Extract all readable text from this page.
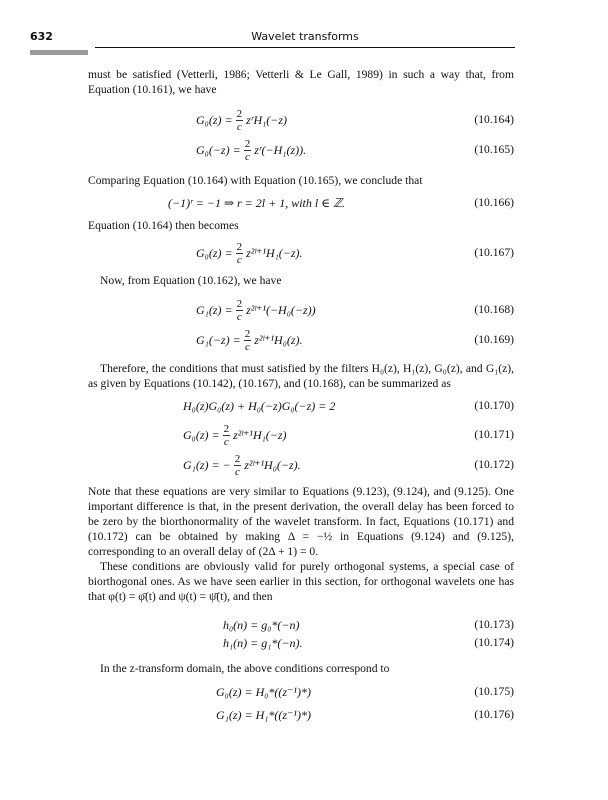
632	Wavelet transforms
must be satisfied (Vetterli, 1986; Vetterli & Le Gall, 1989) in such a way that, from Equation (10.161), we have
Comparing Equation (10.164) with Equation (10.165), we conclude that
Equation (10.164) then becomes
Now, from Equation (10.162), we have
Therefore, the conditions that must satisfied by the filters H₀(z), H₁(z), G₀(z), and G₁(z), as given by Equations (10.142), (10.167), and (10.168), can be summarized as
Note that these equations are very similar to Equations (9.123), (9.124), and (9.125). One important difference is that, in the present derivation, the overall delay has been forced to be zero by the biorthonormality of the wavelet transform. In fact, Equations (10.171) and (10.172) can be obtained by making Δ = −½ in Equations (9.124) and (9.125), corresponding to an overall delay of (2Δ + 1) = 0.
These conditions are obviously valid for purely orthogonal systems, a special case of biorthogonal ones. As we have seen earlier in this section, for orthogonal wavelets one has that φ(t) = φ̄(t) and ψ(t) = ψ̄(t), and then
In the z-transform domain, the above conditions correspond to
$G_0(z) = \frac{2}{c}$ zʳH₁(−z)	(10.164)
$G_0(-z) = \frac{2}{c}$ zʳ(−H₁(z)).	(10.165)
(−1)ʳ = −1 ⇒ r = 2l + 1, with l ∈ ℤ.	(10.166)
$G_0(z) = \frac{2}{c}$ z²ˡ⁺¹H₁(−z).	(10.167)
$G_1(z) = \frac{2}{c}$ z²ˡ⁺¹(−H₀(−z))	(10.168)
$G_1(-z) = \frac{2}{c}$ z²ˡ⁺¹H₀(z).	(10.169)
H₀(z)G₀(z) + H₀(−z)G₀(−z) = 2	(10.170)
$G_0(z) = \frac{2}{c}$ z²ˡ⁺¹H₁(−z)	(10.171)
G₁(z) = − $\frac{2}{c}$ z²ˡ⁺¹H₀(−z).	(10.172)
h₀(n) = g₀*(−n)	(10.173)
h₁(n) = g₁*(−n).	(10.174)
G₀(z) = H₀*((z⁻¹)*)	(10.175)
G₁(z) = H₁*((z⁻¹)*)	(10.176)
